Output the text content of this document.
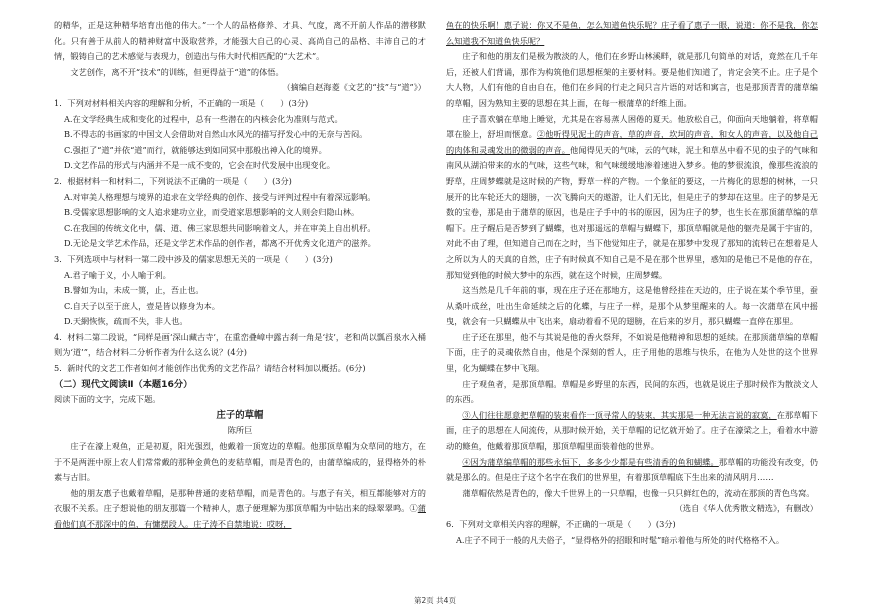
的精华，正是这种精华培育出他的伟大。”一个人的品格修养、才具、气度，离不开前人作品的潜移默化。只有善于从前人的精神财富中汲取营养，才能强大自己的心灵、高尚自己的品格、丰沛自己的才情，锻铸自己的艺术感觉与表现力，创造出与伟大时代相匹配的“大艺术”。

文艺创作，离不开“技术”的训练，但更得益于“道”的体悟。

（摘编自赵海菱《文艺的“技”与“道”》）

1．下列对材料相关内容的理解和分析，不正确的一项是（　　）(3分)

A.在文学经典生成和变化的过程中，总有一些潜在的内核会化为准则与范式。

B.不得志的书画家的中国文人会借助对自然山水风光的描写抒发心中的无奈与苦闷。

C.强拒了“道”并依“道”而行，就能够达到如同冥中那般出神入化的境界。

D.文艺作品的形式与内涵并不是一成不变的，它会在时代发展中出现变化。

2．根据材料一和材料二，下列说法不正确的一项是（　　）(3分)

A.对审美人格理想与境界的追求在文学经典的创作、接受与评判过程中有着深远影响。

B.受儒家思想影响的文人追求建功立业，而受道家思想影响的文人则会归隐山林。

C.在我国的传统文化中，儒、道、佛三家思想共同影响着文人，并在审美上自出机杼。

D.无论是文学艺术作品，还是文学艺术作品的创作者，都离不开优秀文化道产的滋养。

3．下列选项中与材料一第二段中涉及的儒家思想无关的一项是（　　）(3分)

A.君子喻于义，小人喻于利。

B.譬如为山，未成一篑，止，吾止也。

C.自天子以至于庶人，壹是皆以修身为本。

D.天網恢恢，疏而不失，非人也。

4．材料二第二段说，“同样是画‘深山藏古寺’，在重峦叠嶂中露古刹一角是‘技’，老和尚以瓢舀泉水入桶则为‘道’”，结合材料二分析作者为什么这么说？(4分)

5．新时代的文艺工作者如何才能创作出优秀的文艺作品？请结合材料加以概括。(6分)

（二）现代文阅读Ⅱ（本题16分）

阅读下面的文字，完成下题。

庄子的草帽

陈所巨

庄子在濠上观鱼，正是初夏，阳光强烈，他戴着一顶宽边的草帽。他那顶草帽为众草同的地方，在于不是两涯中原上农人们常常戴的那种金黄色的麦秸草帽，而是青色的，由蒲草编成的，显得格外的朴素与古旧。

他的朋友惠子也戴着草帽，是那种普通的麦秸草帽，而是青色的。与惠子有关，相互都能够对方的衣服不关系。庄子想说他的朋友那篇一个精神人，惠子便理解为那顶草帽为中钻出来的绿翠翠鸣。①蒲看他们真不那深中的鱼，有慵摆段人。庄子涛不自禁地说：哎呀，

鱼在的快乐啊！惠子说：你又不是鱼，怎么知道鱼快乐呢？庄子看了惠子一眼，说道：你不是我，你怎么知道我不知道鱼快乐呢？

庄子和他的朋友们是极为散淡的人，他们在乡野山林溪畔，就是那几句简单的对话，竟然在几千年后，还被人们背诵，那作为构筑他们思想框架的主要材料。要是他们知道了，肯定会笑不止。庄子是个大人物，人们有他的自由自在，他们在乡间的行走之间只言片语的对话和寓言，也是那顶青青的蒲草编的草帽，因为熟知主要的思想在其上面，在每一根蒲草的纤维上面。

庄子喜欢躺在草地上睡觉，尤其是在容易蒸人困倦的夏天。他放松自己，仰面向天地躺着，将草帽罩在脸上，舒坦而惬意。②他听得见泥土的声音，草的声音，坎坷的声音，和女人的声音，以及他自己的肉体和灵魂发出的微弱的声音。他闻得见天的气味，云的气味，泥土和草丛中看不见的虫子的气味和南风从湖泊带来的水的气味，这些气味，和气味缓缓地渗着速进入梦乡。他的梦很流浪，像那些流浪的野草，庄周梦蝶就是这时候的产物，野草一样的产物。一个象征的要这，一片梅化的思想的树林，一只展开的比车轮还大的翅膀，一次飞腾向天的遨游，让人们无比，但是庄子的梦却在这里。庄子的梦是无数的宝卷，那是由于蒲草的原因，也是庄子手中的书的原因，因为庄子的梦，也生长在那顶蒲草编的草帽下。庄子醒后是否梦到了蝴蝶，也对那遥远的草帽与蝴蝶下，那顶草帽就是他的躯壳是属于宇宙的，对此不由了理，但知道自己而在之时，当下他觉知庄子，就是在那梦中发现了那知的流转已在想着是人之所以为人的天真的自然，庄子有时候真不知自己是不是在那个世界里，惑知的是他已不是他的存在，那知觉到他的时候大梦中的东西，就在这个时候，庄周梦蝶。

这当然是几千年前的事，现在庄子还在那地方，这是他曾经挂在天边的，庄子说在某个季节里，蚕从桑叶成丝，吐出生命延续之后的化蝶，与庄子一样，是那个从梦里醒来的人。每一次蒲草在风中摇曳，就会有一只蝴蝶从中飞出来，扇动着看不见的翅膀，在后来的岁月，那只蝴蝶一直停在那里。

庄子还在那里，他不与其说是他的香火祭拜，不如说是他精神和思想的延续。在那顶蒲草编的草帽下面，庄子的灵魂依然自由，他是个深刻的哲人，庄子用他的思维与快乐，在他为人处世的这个世界里，化为蝴蝶在梦中飞翔。

庄子观鱼者，是那顶草帽。草帽是乡野里的东西，民间的东西，也就是说庄子那时候作为散淡文人的东西。

③人们往往愿意把草帽的装束看作一顶寻常人的装束，其实那是一种无法言说的寂寞，在那草帽下面，庄子的思想在人间流传，从那时候开始，关于草帽的记忆就开始了。庄子在濠梁之上，看着水中游动的鲦鱼，他戴着那顶草帽，那顶草帽里面装着他的世界。

④因为蒲草编草帽的那些永恒下，多多少少都是有些清香的鱼和蝴蝶。那草帽的功能没有改变，仍就是那么的。但是庄子这个名字在我们的世界里，有着那顶草帽底下生出来的清风明月……

蒲草帽依然是青色的，像大千世界上的一只草帽，也像一只只鲜红色的，流动在那顶的青色鸟窝。

（选自《华人优秀散文精选》，有删改）

6．下列对文章相关内容的理解，不正确的一项是（　　）(3分)

A.庄子不同于一般的凡夫俗子，“显得格外的招眼和时髦”暗示着他与所处的时代格格不入。

第2页 共4页
